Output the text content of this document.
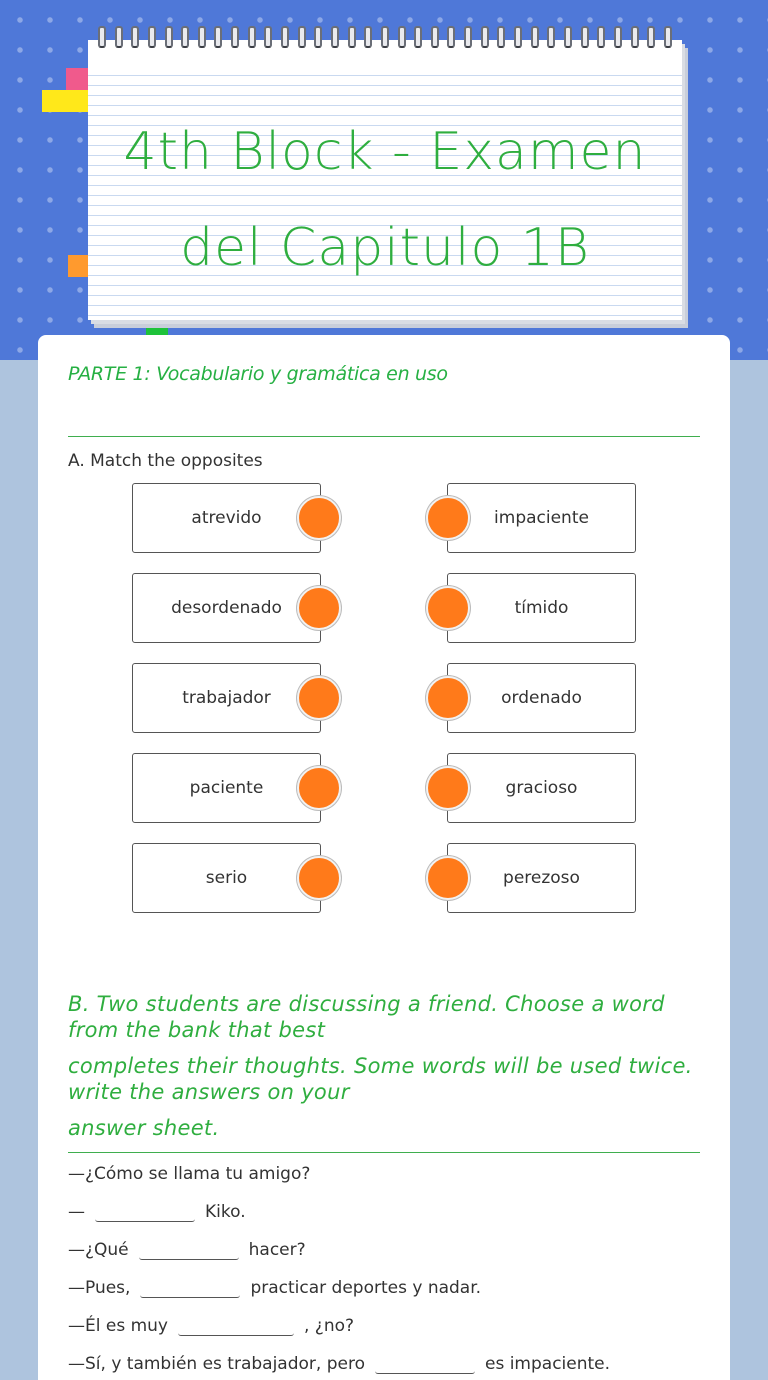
4th Block - Examen
del Capitulo 1B
PARTE 1: Vocabulario y gramática en uso
A. Match the opposites
atrevido
desordenado
trabajador
paciente
serio
impaciente
tímido
ordenado
gracioso
perezoso
B. Two students are discussing a friend. Choose a word from the bank that best
completes their thoughts. Some words will be used twice. write the answers on your
answer sheet.
—¿Cómo se llama tu amigo?
—	Kiko.
—¿Qué	hacer?
—Pues,	practicar deportes y nadar.
—Él es muy	, ¿no?
—Sí, y también es trabajador, pero	es impaciente.
